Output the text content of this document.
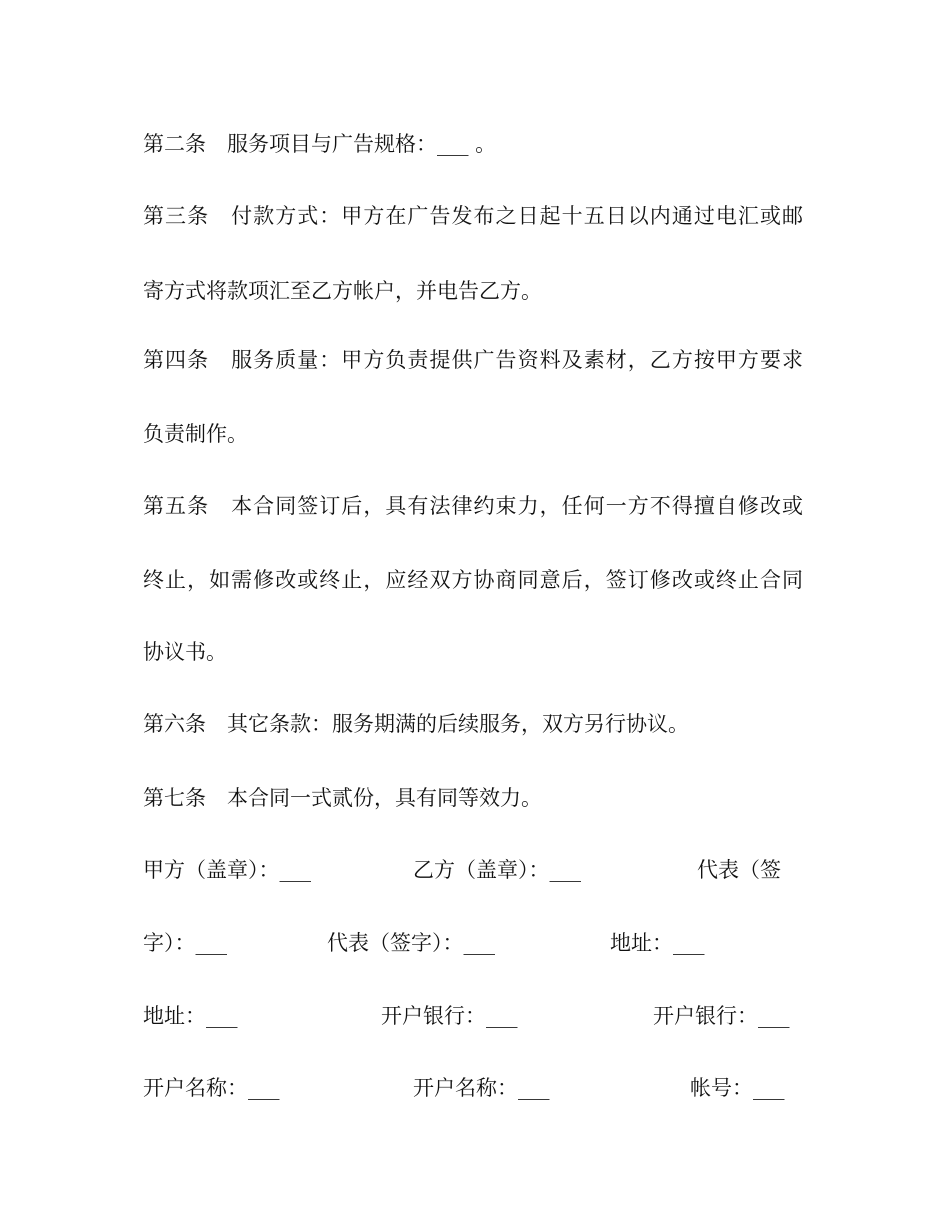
第二条　服务项目与广告规格：___ 。
第三条　付款方式：甲方在广告发布之日起十五日以内通过电汇或邮
寄方式将款项汇至乙方帐户，并电告乙方。
第四条　服务质量：甲方负责提供广告资料及素材，乙方按甲方要求
负责制作。
第五条　本合同签订后，具有法律约束力，任何一方不得擅自修改或
终止，如需修改或终止，应经双方协商同意后，签订修改或终止合同
协议书。
第六条　其它条款：服务期满的后续服务，双方另行协议。
第七条　本合同一式贰份，具有同等效力。
甲方（盖章）：___	乙方（盖章）：___	代表（签
字）：___	代表（签字）：___	地址：___
地址：___	开户银行：___	开户银行：___
开户名称：___	开户名称：___	帐号：___
